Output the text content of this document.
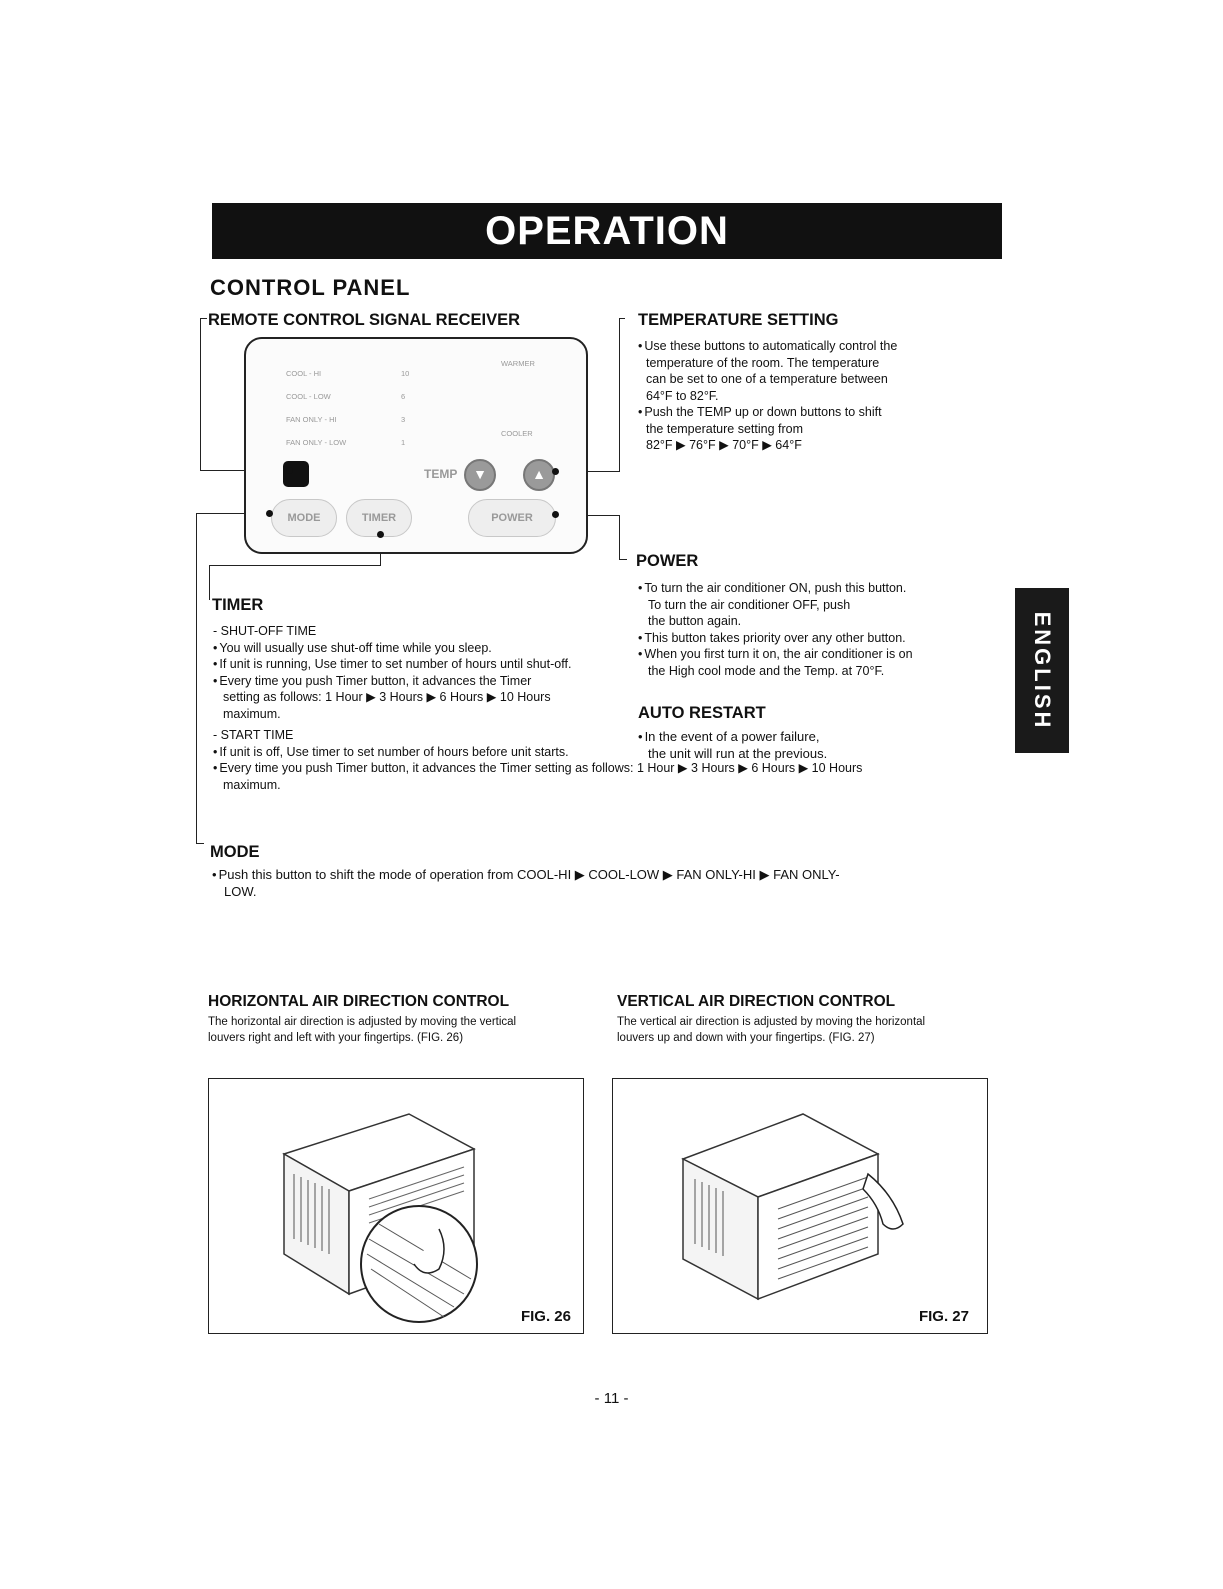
OPERATION
ENGLISH
CONTROL PANEL
REMOTE CONTROL SIGNAL RECEIVER
COOL - HI
COOL - LOW
FAN ONLY - HI
FAN ONLY - LOW
10
6
3
1
WARMER
COOLER
TEMP	▼	▲
MODE	TIMER	POWER
TEMPERATURE SETTING
• Use these buttons to automatically control the
temperature of the room. The temperature
can be set to one of a temperature between
64°F to 82°F.
• Push the TEMP up or down buttons to shift
the temperature setting from
82°F ▶ 76°F ▶ 70°F ▶ 64°F
POWER
• To turn the air conditioner ON, push this button.
To turn the air conditioner OFF, push
the button again.
• This button takes priority over any other button.
• When you first turn it on, the air conditioner is on
the High cool mode and the Temp. at 70°F.
AUTO RESTART
• In the event of a power failure,
the unit will run at the previous.
TIMER
- SHUT-OFF TIME
• You will usually use shut-off time while you sleep.
• If unit is running, Use timer to set number of hours until shut-off.
• Every time you push Timer button, it advances the Timer
setting as follows: 1 Hour ▶ 3 Hours ▶ 6 Hours ▶ 10 Hours
maximum.
- START TIME
• If unit is off, Use timer to set number of hours before unit starts.
• Every time you push Timer button, it advances the Timer setting as follows: 1 Hour ▶ 3 Hours ▶ 6 Hours ▶ 10 Hours
maximum.
MODE
• Push this button to shift the mode of operation from COOL-HI ▶ COOL-LOW ▶ FAN ONLY-HI ▶ FAN ONLY-
LOW.
HORIZONTAL AIR DIRECTION CONTROL
The horizontal air direction is adjusted by moving the vertical
louvers right and left with your fingertips. (FIG. 26)
VERTICAL AIR DIRECTION CONTROL
The vertical air direction is adjusted by moving the horizontal
louvers up and down with your fingertips. (FIG. 27)
FIG. 26	FIG. 27
- 11 -
